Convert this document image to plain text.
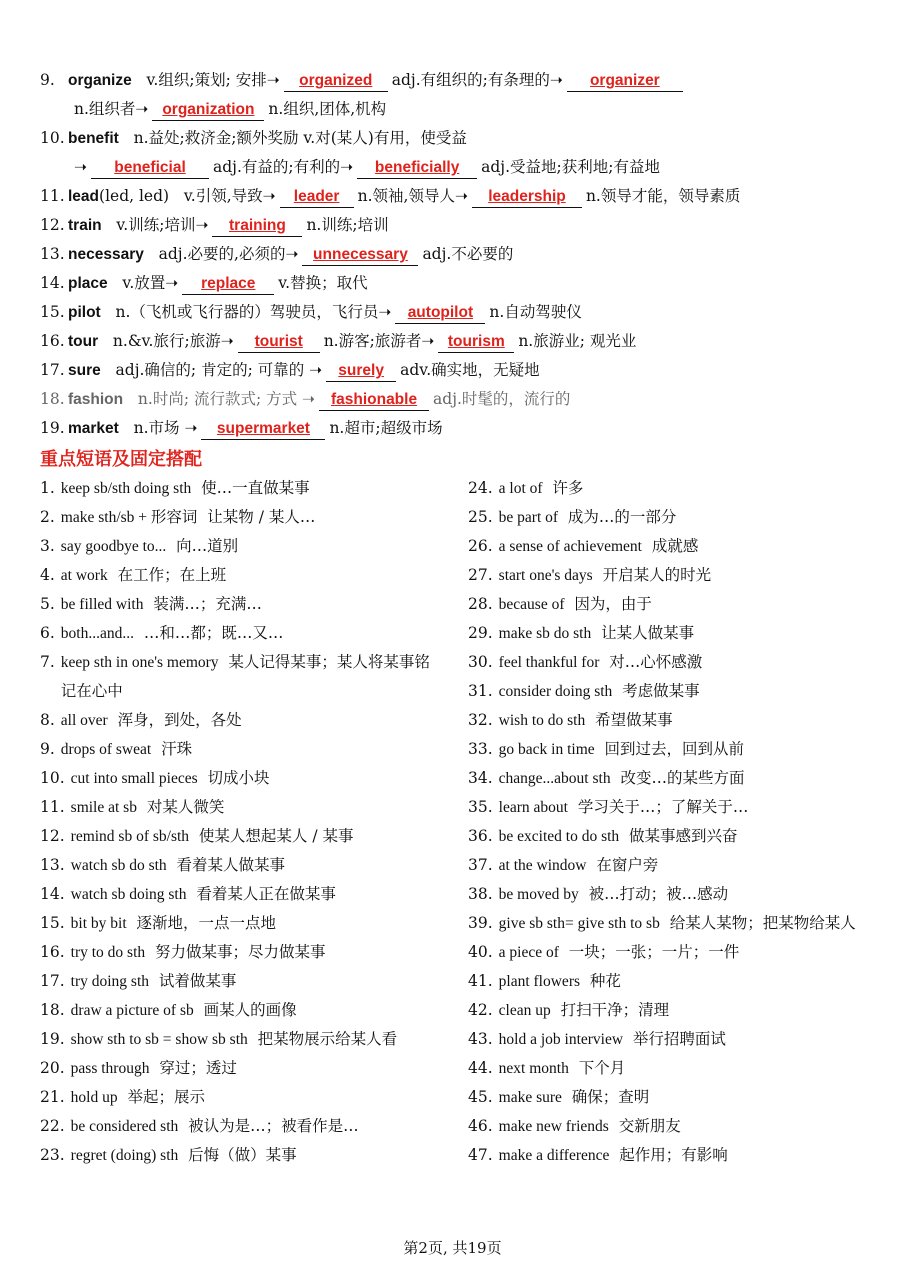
9. organize v.组织;策划; 安排➝ organized adj.有组织的;有条理的➝ organizer
n.组织者➝ organization n.组织,团体,机构
10. benefit n.益处;救济金;额外奖励 v.对(某人)有用，使受益
➝ beneficial adj.有益的;有利的➝ beneficially adj.受益地;获利地;有益地
11. lead(led, led) v.引领,导致➝ leader n.领袖,领导人➝ leadership n.领导才能，领导素质
12. train v.训练;培训➝ training n.训练;培训
13. necessary adj.必要的,必须的➝ unnecessary adj.不必要的
14. place v.放置➝ replace v.替换；取代
15. pilot n.（飞机或飞行器的）驾驶员，飞行员➝ autopilot n.自动驾驶仪
16. tour n.&v.旅行;旅游➝ tourist n.游客;旅游者➝ tourism n.旅游业; 观光业
17. sure adj.确信的; 肯定的; 可靠的 ➝ surely adv.确实地，无疑地
18. fashion n.时尚; 流行款式; 方式 ➝ fashionable adj.时髦的，流行的
19. market n.市场 ➝ supermarket n.超市;超级市场
重点短语及固定搭配
1. keep sb/sth doing sth 使…一直做某事
2. make sth/sb + 形容词 让某物 / 某人…
3. say goodbye to... 向…道别
4. at work 在工作；在上班
5. be filled with 装满…；充满…
6. both...and... …和…都；既…又…
7. keep sth in one's memory 某人记得某事；某人将某事铭记在心中
8. all over 浑身，到处，各处
9. drops of sweat 汗珠
10. cut into small pieces 切成小块
11. smile at sb 对某人微笑
12. remind sb of sb/sth 使某人想起某人 / 某事
13. watch sb do sth 看着某人做某事
14. watch sb doing sth 看着某人正在做某事
15. bit by bit 逐渐地，一点一点地
16. try to do sth 努力做某事；尽力做某事
17. try doing sth 试着做某事
18. draw a picture of sb 画某人的画像
19. show sth to sb = show sb sth 把某物展示给某人看
20. pass through 穿过；透过
21. hold up 举起；展示
22. be considered sth 被认为是…；被看作是…
23. regret (doing) sth 后悔（做）某事
24. a lot of 许多
25. be part of 成为…的一部分
26. a sense of achievement 成就感
27. start one's days 开启某人的时光
28. because of 因为，由于
29. make sb do sth 让某人做某事
30. feel thankful for 对…心怀感激
31. consider doing sth 考虑做某事
32. wish to do sth 希望做某事
33. go back in time 回到过去，回到从前
34. change...about sth 改变…的某些方面
35. learn about 学习关于…；了解关于…
36. be excited to do sth 做某事感到兴奋
37. at the window 在窗户旁
38. be moved by 被…打动；被…感动
39. give sb sth= give sth to sb 给某人某物；把某物给某人
40. a piece of 一块；一张；一片；一件
41. plant flowers 种花
42. clean up 打扫干净；清理
43. hold a job interview 举行招聘面试
44. next month 下个月
45. make sure 确保；查明
46. make new friends 交新朋友
47. make a difference 起作用；有影响
第2页, 共19页
